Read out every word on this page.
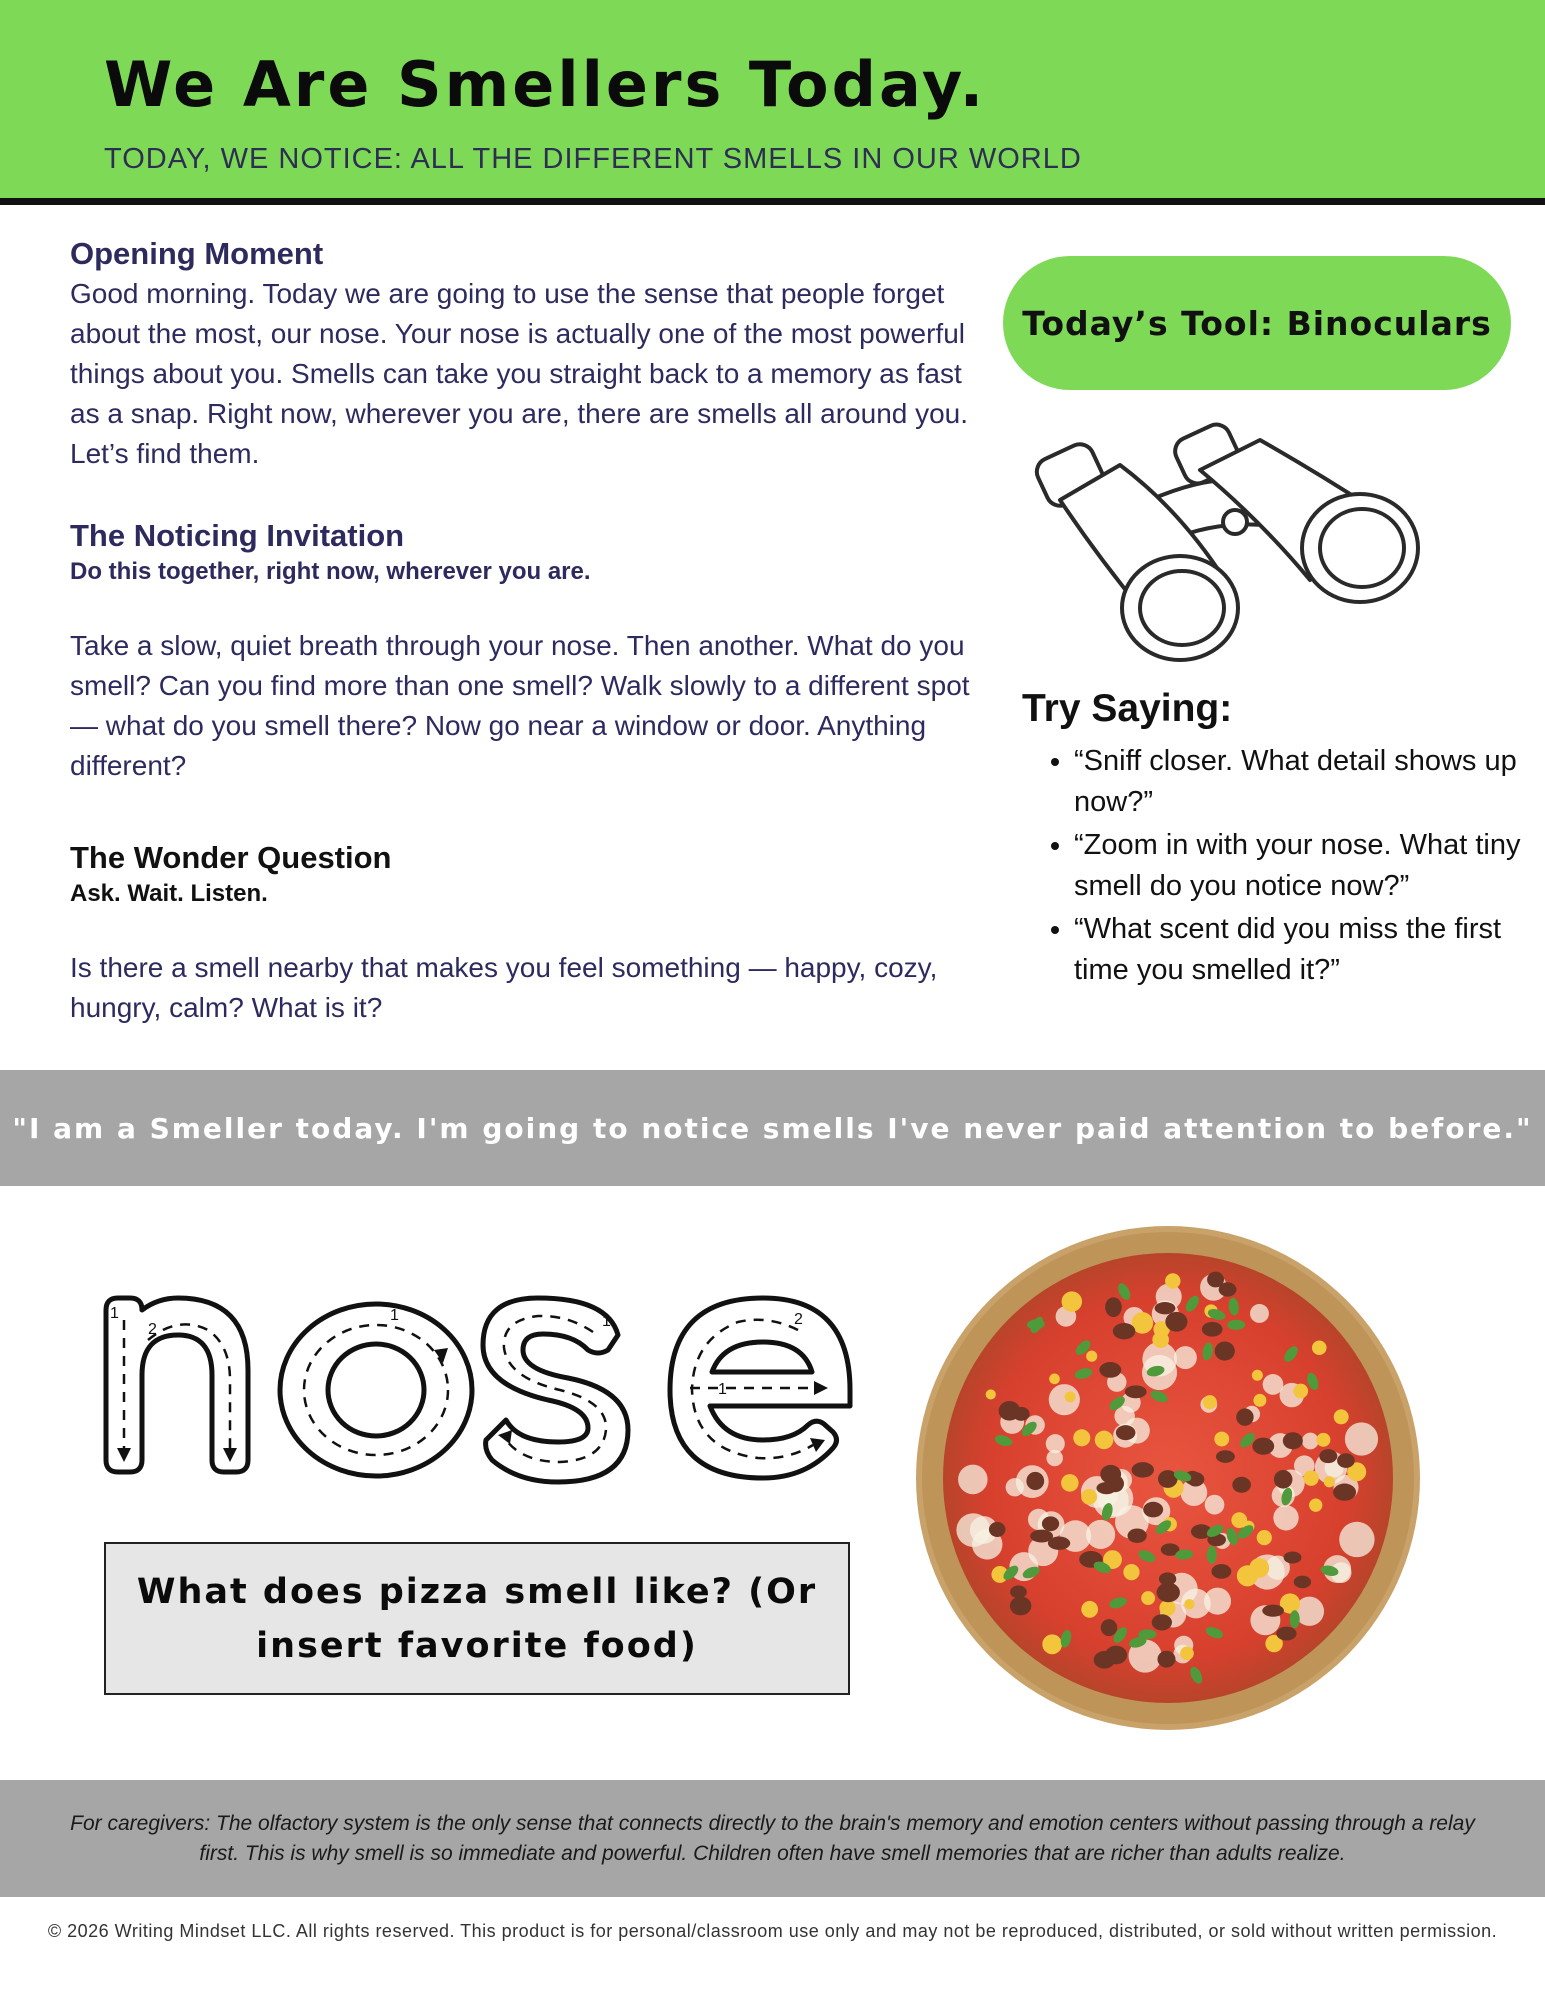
We Are Smellers Today.
TODAY, WE NOTICE: ALL THE DIFFERENT SMELLS IN OUR WORLD

Opening Moment

Good morning. Today we are going to use the sense that people forget about the most, our nose. Your nose is actually one of the most powerful things about you. Smells can take you straight back to a memory as fast as a snap. Right now, wherever you are, there are smells all around you. Let’s find them.

The Noticing Invitation

Do this together, right now, wherever you are.

Take a slow, quiet breath through your nose. Then another. What do you smell? Can you find more than one smell? Walk slowly to a different spot — what do you smell there? Now go near a window or door. Anything different?

The Wonder Question

Ask. Wait. Listen.

Is there a smell nearby that makes you feel something — happy, cozy, hungry, calm? What is it?

Today’s Tool: Binoculars
Try Saying:
• “Sniff closer. What detail shows up now?”
• “Zoom in with your nose. What tiny smell do you notice now?”
• “What scent did you miss the first time you smelled it?”
"I am a Smeller today. I'm going to notice smells I've never paid attention to before."
1
2
1	1
1
2
What does pizza smell like? (Or insert favorite food)
For caregivers: The olfactory system is the only sense that connects directly to the brain's memory and emotion centers without passing through a relay first. This is why smell is so immediate and powerful. Children often have smell memories that are richer than adults realize.
© 2026 Writing Mindset LLC. All rights reserved. This product is for personal/classroom use only and may not be reproduced, distributed, or sold without written permission.
